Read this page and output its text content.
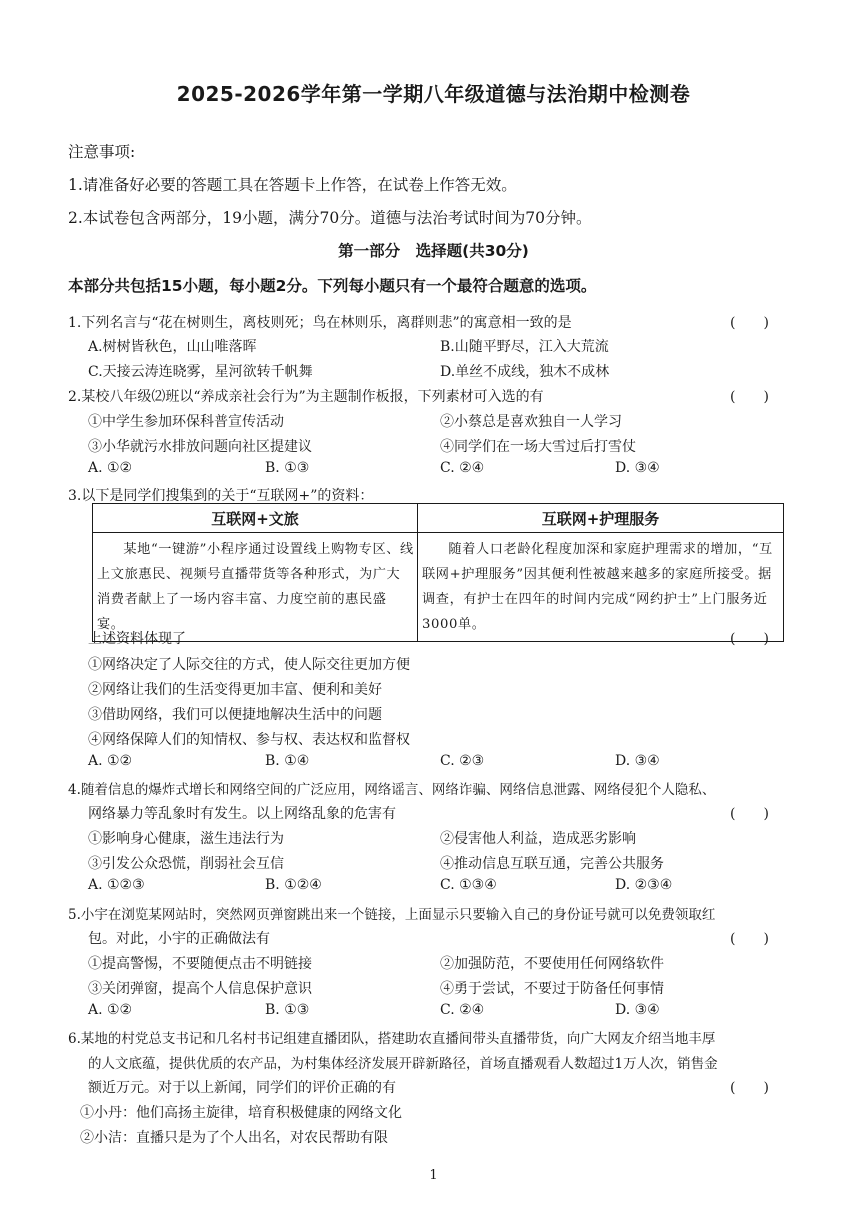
2025-2026学年第一学期八年级道德与法治期中检测卷
注意事项:
1.请准备好必要的答题工具在答题卡上作答，在试卷上作答无效。
2.本试卷包含两部分，19小题，满分70分。道德与法治考试时间为70分钟。
第一部分　选择题(共30分)
本部分共包括15小题，每小题2分。下列每小题只有一个最符合题意的选项。
1.下列名言与“花在树则生，离枝则死；鸟在林则乐，离群则悲”的寓意相一致的是	(　　)
A.树树皆秋色，山山唯落晖	B.山随平野尽，江入大荒流
C.天接云涛连晓雾，星河欲转千帆舞	D.单丝不成线，独木不成林
2.某校八年级⑵班以“养成亲社会行为”为主题制作板报，下列素材可入选的有	(　　)
①中学生参加环保科普宣传活动	②小蔡总是喜欢独自一人学习
③小华就污水排放问题向社区提建议	④同学们在一场大雪过后打雪仗
A. ①②	B. ①③	C. ②④	D. ③④
3.以下是同学们搜集到的关于“互联网+”的资料：
互联网+文旅	互联网+护理服务

某地“一键游”小程序通过设置线上购物专区、线上文旅惠民、视频号直播带货等各种形式，为广大消费者献上了一场内容丰富、力度空前的惠民盛宴。	随着人口老龄化程度加深和家庭护理需求的增加，“互联网+护理服务”因其便利性被越来越多的家庭所接受。据调查，有护士在四年的时间内完成“网约护士”上门服务近3000单。
上述资料体现了	(　　)
①网络决定了人际交往的方式，使人际交往更加方便
②网络让我们的生活变得更加丰富、便利和美好
③借助网络，我们可以便捷地解决生活中的问题
④网络保障人们的知情权、参与权、表达权和监督权
A. ①②	B. ①④	C. ②③	D. ③④
4.随着信息的爆炸式增长和网络空间的广泛应用，网络谣言、网络诈骗、网络信息泄露、网络侵犯个人隐私、
网络暴力等乱象时有发生。以上网络乱象的危害有	(　　)
①影响身心健康，滋生违法行为	②侵害他人利益，造成恶劣影响
③引发公众恐慌，削弱社会互信	④推动信息互联互通，完善公共服务
A. ①②③	B. ①②④	C. ①③④	D. ②③④
5.小宇在浏览某网站时，突然网页弹窗跳出来一个链接，上面显示只要输入自己的身份证号就可以免费领取红
包。对此，小宇的正确做法有	(　　)
①提高警惕，不要随便点击不明链接	②加强防范，不要使用任何网络软件
③关闭弹窗，提高个人信息保护意识	④勇于尝试，不要过于防备任何事情
A. ①②	B. ①③	C. ②④	D. ③④
6.某地的村党总支书记和几名村书记组建直播团队，搭建助农直播间带头直播带货，向广大网友介绍当地丰厚
的人文底蕴，提供优质的农产品，为村集体经济发展开辟新路径，首场直播观看人数超过1万人次，销售金
额近万元。对于以上新闻，同学们的评价正确的有	(　　)
①小丹：他们高扬主旋律，培育积极健康的网络文化
②小洁：直播只是为了个人出名，对农民帮助有限
1
